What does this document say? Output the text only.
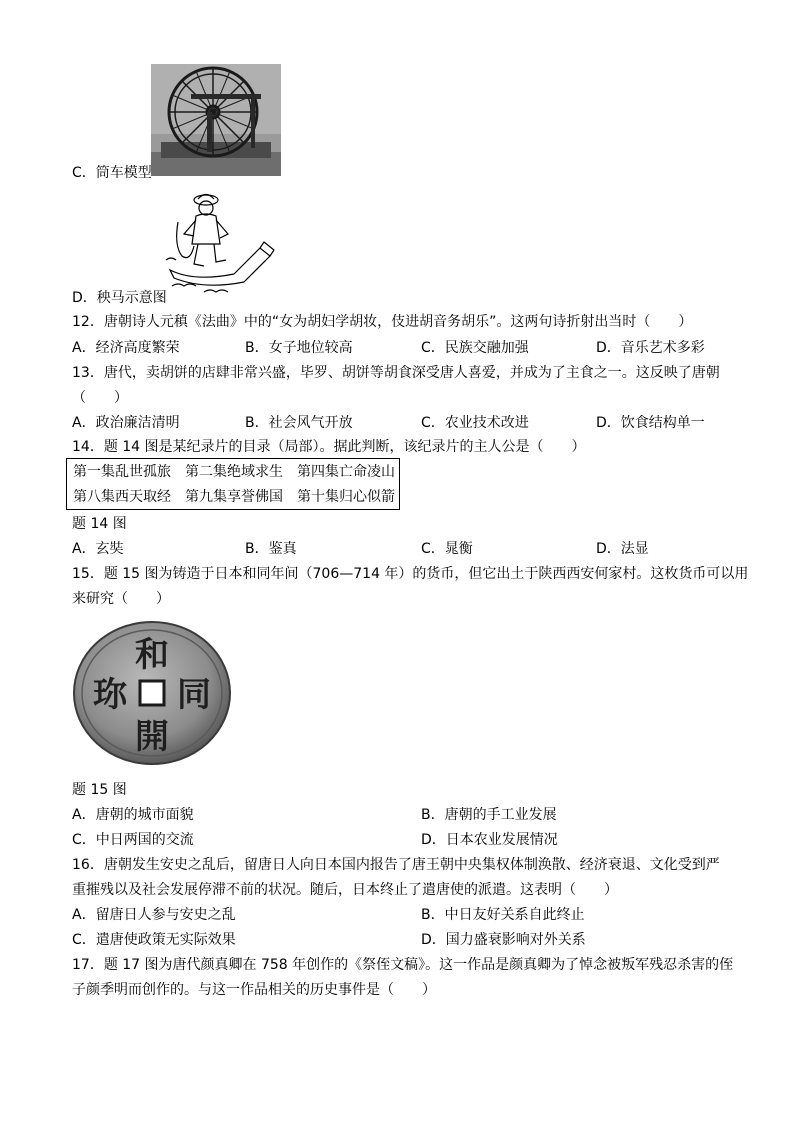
C．筒车模型
D．秧马示意图
12．唐朝诗人元稹《法曲》中的“女为胡妇学胡妆，伎进胡音务胡乐”。这两句诗折射出当时（　　）
A．经济高度繁荣	B．女子地位较高	C．民族交融加强	D．音乐艺术多彩
13．唐代，卖胡饼的店肆非常兴盛，毕罗、胡饼等胡食深受唐人喜爱，并成为了主食之一。这反映了唐朝
（　　）
A．政治廉洁清明	B．社会风气开放	C．农业技术改进	D．饮食结构单一
14．题 14 图是某纪录片的目录（局部）。据此判断，该纪录片的主人公是（　　）
第一集乱世孤旅　第二集绝域求生　第四集亡命凌山
第八集西天取经　第九集享誉佛国　第十集归心似箭
题 14 图
A．玄奘	B．鉴真	C．晁衡	D．法显
15．题 15 图为铸造于日本和同年间（706—714 年）的货币，但它出土于陕西西安何家村。这枚货币可以用
来研究（　　）
和
同
開
珎
题 15 图
A．唐朝的城市面貌	B．唐朝的手工业发展
C．中日两国的交流	D．日本农业发展情况
16．唐朝发生安史之乱后，留唐日人向日本国内报告了唐王朝中央集权体制涣散、经济衰退、文化受到严
重摧残以及社会发展停滞不前的状况。随后，日本终止了遣唐使的派遣。这表明（　　）
A．留唐日人参与安史之乱	B．中日友好关系自此终止
C．遣唐使政策无实际效果	D．国力盛衰影响对外关系
17．题 17 图为唐代颜真卿在 758 年创作的《祭侄文稿》。这一作品是颜真卿为了悼念被叛军残忍杀害的侄
子颜季明而创作的。与这一作品相关的历史事件是（　　）
